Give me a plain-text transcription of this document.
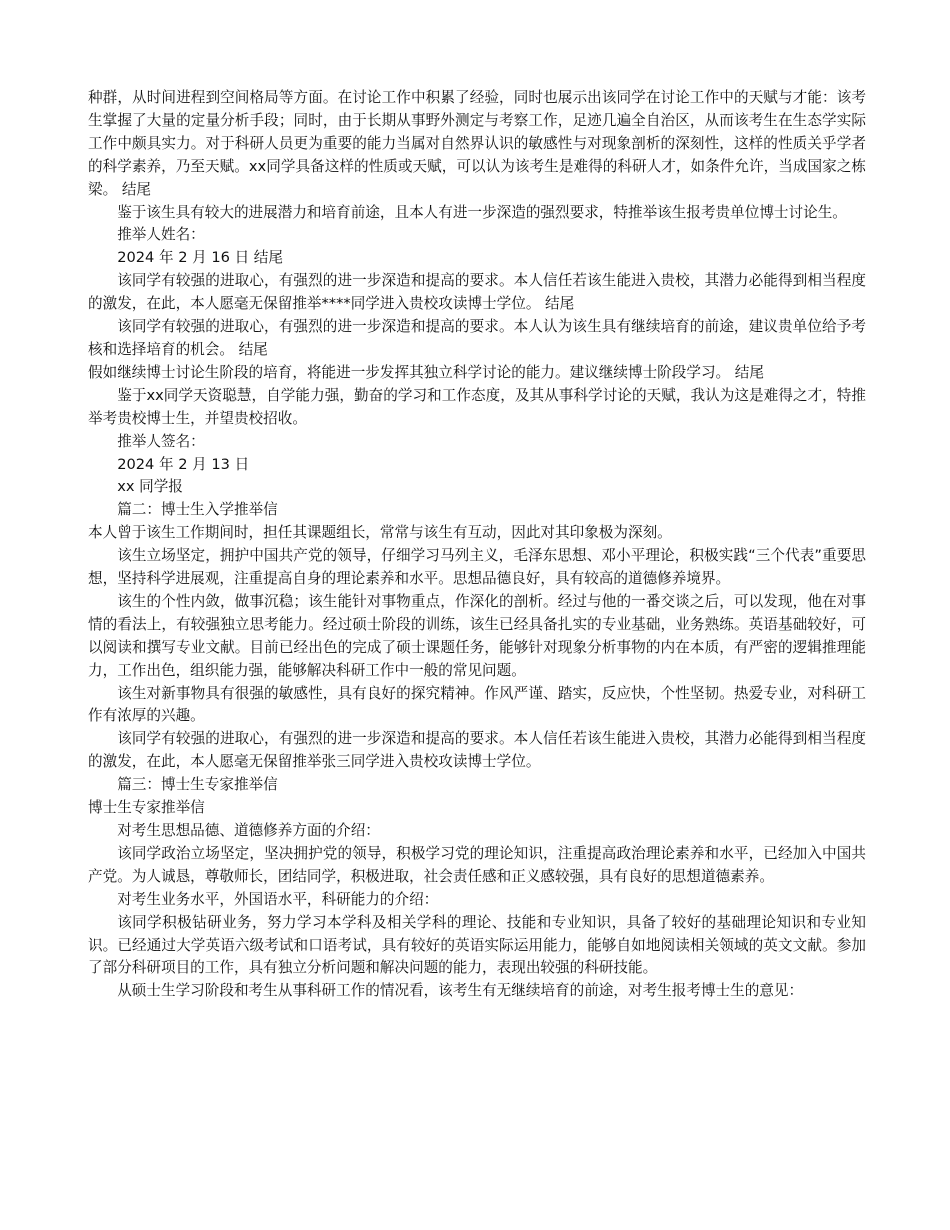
种群，从时间进程到空间格局等方面。在讨论工作中积累了经验，同时也展示出该同学在讨论工作中的天赋与才能：该考生掌握了大量的定量分析手段；同时，由于长期从事野外测定与考察工作，足迹几遍全自治区，从而该考生在生态学实际工作中颇具实力。对于科研人员更为重要的能力当属对自然界认识的敏感性与对现象剖析的深刻性，这样的性质关乎学者的科学素养，乃至天赋。xx同学具备这样的性质或天赋，可以认为该考生是难得的科研人才，如条件允许，当成国家之栋梁。 结尾

鉴于该生具有较大的进展潜力和培育前途，且本人有进一步深造的强烈要求，特推举该生报考贵单位博士讨论生。

推举人姓名：

2024 年 2 月 16 日 结尾

该同学有较强的进取心，有强烈的进一步深造和提高的要求。本人信任若该生能进入贵校，其潜力必能得到相当程度的激发，在此，本人愿毫无保留推举****同学进入贵校攻读博士学位。 结尾

该同学有较强的进取心，有强烈的进一步深造和提高的要求。本人认为该生具有继续培育的前途，建议贵单位给予考核和选择培育的机会。 结尾

假如继续博士讨论生阶段的培育，将能进一步发挥其独立科学讨论的能力。建议继续博士阶段学习。 结尾

鉴于xx同学天资聪慧，自学能力强，勤奋的学习和工作态度，及其从事科学讨论的天赋，我认为这是难得之才，特推举考贵校博士生，并望贵校招收。

推举人签名：

2024 年 2 月 13 日

xx 同学报

篇二：博士生入学推举信

本人曾于该生工作期间时，担任其课题组长，常常与该生有互动，因此对其印象极为深刻。

该生立场坚定，拥护中国共产党的领导，仔细学习马列主义，毛泽东思想、邓小平理论，积极实践“三个代表”重要思想，坚持科学进展观，注重提高自身的理论素养和水平。思想品德良好，具有较高的道德修养境界。

该生的个性内敛，做事沉稳；该生能针对事物重点，作深化的剖析。经过与他的一番交谈之后，可以发现，他在对事情的看法上，有较强独立思考能力。经过硕士阶段的训练，该生已经具备扎实的专业基础，业务熟练。英语基础较好，可以阅读和撰写专业文献。目前已经出色的完成了硕士课题任务，能够针对现象分析事物的内在本质，有严密的逻辑推理能力，工作出色，组织能力强，能够解决科研工作中一般的常见问题。

该生对新事物具有很强的敏感性，具有良好的探究精神。作风严谨、踏实，反应快，个性坚韧。热爱专业，对科研工作有浓厚的兴趣。

该同学有较强的进取心，有强烈的进一步深造和提高的要求。本人信任若该生能进入贵校，其潜力必能得到相当程度的激发，在此，本人愿毫无保留推举张三同学进入贵校攻读博士学位。

篇三：博士生专家推举信

博士生专家推举信

对考生思想品德、道德修养方面的介绍：

该同学政治立场坚定，坚决拥护党的领导，积极学习党的理论知识，注重提高政治理论素养和水平，已经加入中国共产党。为人诚恳，尊敬师长，团结同学，积极进取，社会责任感和正义感较强，具有良好的思想道德素养。

对考生业务水平，外国语水平，科研能力的介绍：

该同学积极钻研业务，努力学习本学科及相关学科的理论、技能和专业知识，具备了较好的基础理论知识和专业知识。已经通过大学英语六级考试和口语考试，具有较好的英语实际运用能力，能够自如地阅读相关领域的英文文献。参加了部分科研项目的工作，具有独立分析问题和解决问题的能力，表现出较强的科研技能。

从硕士生学习阶段和考生从事科研工作的情况看，该考生有无继续培育的前途，对考生报考博士生的意见：
